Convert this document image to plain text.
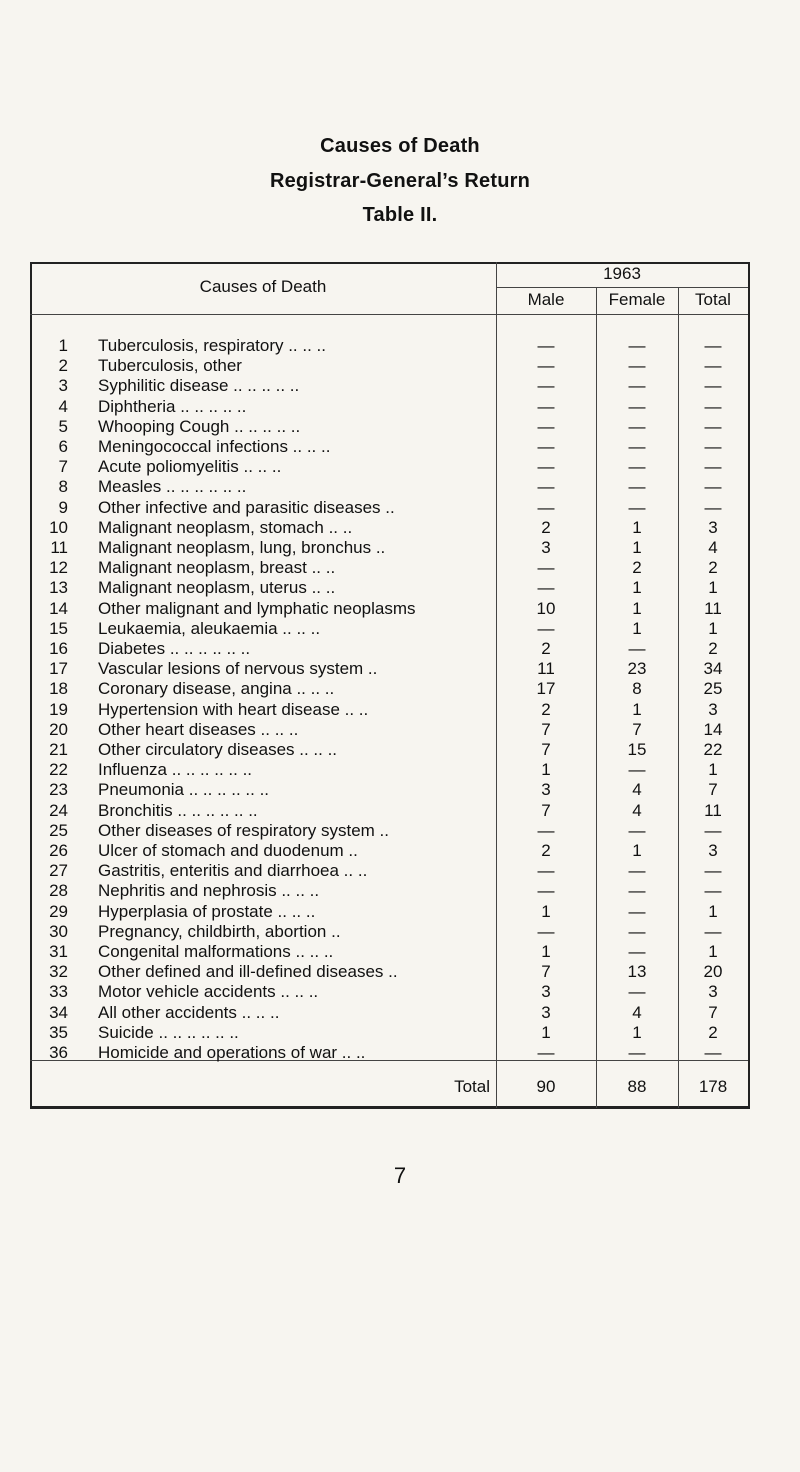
Causes of Death
Registrar-General’s Return
Table II.
Causes of Death
1963
Male	Female	Total
1 Tuberculosis, respiratory .. .. ..	—	—	—
2 Tuberculosis, other	—	—	—
3 Syphilitic disease .. .. .. .. ..	—	—	—
4 Diphtheria .. .. .. .. ..	—	—	—
5 Whooping Cough .. .. .. .. ..	—	—	—
6 Meningococcal infections .. .. ..	—	—	—
7 Acute poliomyelitis .. .. ..	—	—	—
8 Measles .. .. .. .. .. ..	—	—	—
9 Other infective and parasitic diseases ..	—	—	—
10 Malignant neoplasm, stomach .. ..	2	1	3
11 Malignant neoplasm, lung, bronchus ..	3	1	4
12 Malignant neoplasm, breast .. ..	—	2	2
13 Malignant neoplasm, uterus .. ..	—	1	1
14 Other malignant and lymphatic neoplasms	10	1	11
15 Leukaemia, aleukaemia .. .. ..	—	1	1
16 Diabetes .. .. .. .. .. ..	2	—	2
17 Vascular lesions of nervous system ..	11	23	34
18 Coronary disease, angina .. .. ..	17	8	25
19 Hypertension with heart disease .. ..	2	1	3
20 Other heart diseases .. .. ..	7	7	14
21 Other circulatory diseases .. .. ..	7	15	22
22 Influenza .. .. .. .. .. ..	1	—	1
23 Pneumonia .. .. .. .. .. ..	3	4	7
24 Bronchitis .. .. .. .. .. ..	7	4	11
25 Other diseases of respiratory system ..	—	—	—
26 Ulcer of stomach and duodenum ..	2	1	3
27 Gastritis, enteritis and diarrhoea .. ..	—	—	—
28 Nephritis and nephrosis .. .. ..	—	—	—
29 Hyperplasia of prostate .. .. ..	1	—	1
30 Pregnancy, childbirth, abortion ..	—	—	—
31 Congenital malformations .. .. ..	1	—	1
32 Other defined and ill-defined diseases ..	7	13	20
33 Motor vehicle accidents .. .. ..	3	—	3
34 All other accidents .. .. ..	3	4	7
35 Suicide .. .. .. .. .. ..	1	1	2
36 Homicide and operations of war .. ..	—	—	—
Total	90	88	178
7
